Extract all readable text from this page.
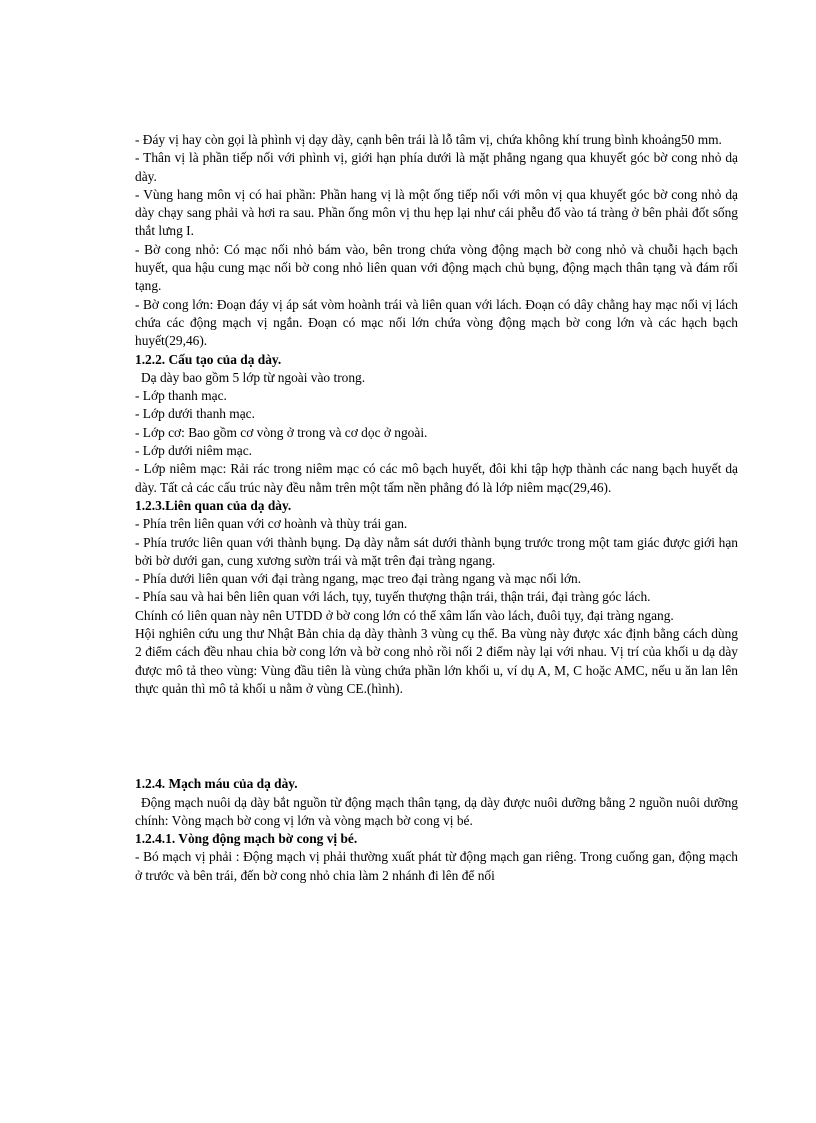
- Đáy vị hay còn gọi là phình vị dạy dày, cạnh bên trái là lỗ tâm vị, chứa không khí trung bình khoảng50 mm.

- Thân vị là phần tiếp nối với phình vị, giới hạn phía dưới là mặt phẳng ngang qua khuyết góc bờ cong nhỏ dạ dày.

- Vùng hang môn vị có hai phần: Phần hang vị là một ống tiếp nối với môn vị qua khuyết góc bờ cong nhỏ dạ dày chạy sang phải và hơi ra sau. Phần ống môn vị thu hẹp lại như cái phễu đổ vào tá tràng ở bên phải đốt sống thắt lưng I.

- Bờ cong nhỏ: Có mạc nối nhỏ bám vào, bên trong chứa vòng động mạch bờ cong nhỏ và chuỗi hạch bạch huyết, qua hậu cung mạc nối bờ cong nhỏ liên quan với động mạch chủ bụng, động mạch thân tạng và đám rối tạng.

- Bờ cong lớn: Đoạn đáy vị áp sát vòm hoành trái và liên quan với lách. Đoạn có dây chằng hay mạc nối vị lách chứa các động mạch vị ngắn. Đoạn có mạc nối lớn chứa vòng động mạch bờ cong lớn và các hạch bạch huyết(29,46).

1.2.2. Cấu tạo của dạ dày.

Dạ dày bao gồm 5 lớp từ ngoài vào trong.

- Lớp thanh mạc.

- Lớp dưới thanh mạc.

- Lớp cơ: Bao gồm cơ vòng ở trong và cơ dọc ở ngoài.

- Lớp dưới niêm mạc.

- Lớp niêm mạc: Rải rác trong niêm mạc có các mô bạch huyết, đôi khi tập hợp thành các nang bạch huyết dạ dày. Tất cả các cấu trúc này đều nằm trên một tấm nền phẳng đó là lớp niêm mạc(29,46).

1.2.3.Liên quan của dạ dày.

- Phía trên liên quan với cơ hoành và thùy trái gan.

- Phía trước liên quan với thành bụng. Dạ dày nằm sát dưới thành bụng trước trong một tam giác được giới hạn bởi bờ dưới gan, cung xương sườn trái và mặt trên đại tràng ngang.

- Phía dưới liên quan với đại tràng ngang, mạc treo đại tràng ngang và mạc nối lớn.

- Phía sau và hai bên liên quan với lách, tụy, tuyến thượng thận trái, thận trái, đại tràng góc lách.

Chính có liên quan này nên UTDD ở bờ cong lớn có thể xâm lấn vào lách, đuôi tụy, đại tràng ngang.

Hội nghiên cứu ung thư Nhật Bản chia dạ dày thành 3 vùng cụ thể. Ba vùng này được xác định bằng cách dùng 2 điểm cách đều nhau chia bờ cong lớn và bờ cong nhỏ rồi nối 2 điểm này lại với nhau. Vị trí của khối u dạ dày được mô tả theo vùng: Vùng đầu tiên là vùng chứa phần lớn khối u, ví dụ A, M, C hoặc AMC, nếu u ăn lan lên thực quản thì mô tả khối u nằm ở vùng CE.(hình).

1.2.4. Mạch máu của dạ dày.

Động mạch nuôi dạ dày bắt nguồn từ động mạch thân tạng, dạ dày được nuôi dưỡng bằng 2 nguồn nuôi dưỡng chính: Vòng mạch bờ cong vị lớn và vòng mạch bờ cong vị bé.

1.2.4.1. Vòng động mạch bờ cong vị bé.

- Bó mạch vị phải : Động mạch vị phải thường xuất phát từ động mạch gan riêng. Trong cuống gan, động mạch ở trước và bên trái, đến bờ cong nhỏ chia làm 2 nhánh đi lên để nối
